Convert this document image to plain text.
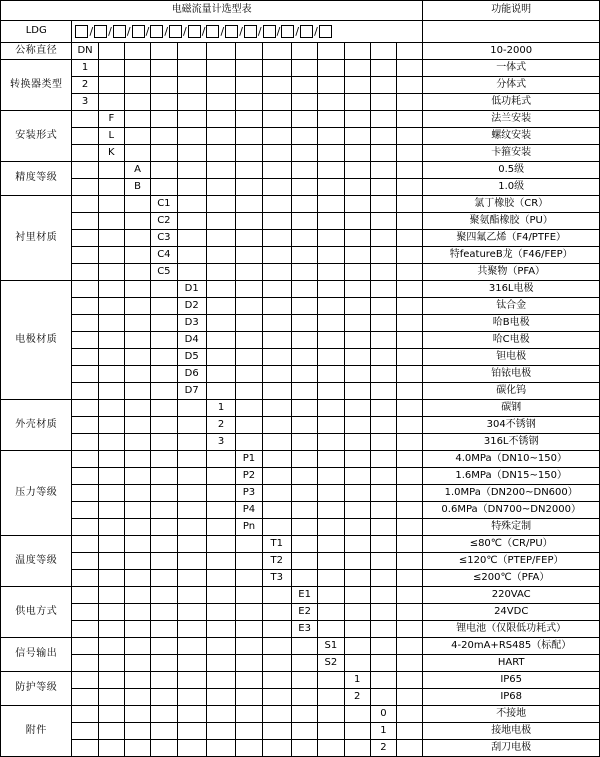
电磁流量计选型表														功能说明
LDG	/ / / / / / / / / / / / /

公称直径	DN													10-2000
转换器类型	1													一体式
	2													分体式
	3													低功耗式
安装形式		F												法兰安装
		L												螺纹安装
		K												卡箍安装
精度等级			A											0.5级
			B											1.0级
衬里材质				C1										氯丁橡胶（CR）
				C2										聚氨酯橡胶（PU）
				C3										聚四氟乙烯（F4/PTFE）
				C4										特featureB龙（F46/FEP）
				C5										共聚物（PFA）
电极材质					D1									316L电极
					D2									钛合金
					D3									哈B电极
					D4									哈C电极
					D5									钽电极
					D6									铂铱电极
					D7									碳化钨
外壳材质						1								碳钢
						2								304不锈钢
						3								316L不锈钢
压力等级							P1							4.0MPa（DN10~150）
							P2							1.6MPa（DN15~150）
							P3							1.0MPa（DN200~DN600）
							P4							0.6MPa（DN700~DN2000）
							Pn							特殊定制
温度等级								T1						≤80℃（CR/PU）
								T2						≤120℃（PTEP/FEP）
								T3						≤200℃（PFA）
供电方式									E1					220VAC
									E2					24VDC
									E3					锂电池（仅限低功耗式）
信号输出										S1				4-20mA+RS485（标配）
										S2				HART
防护等级											1			IP65
											2			IP68
附件												0		不接地
												1		接地电极
												2		刮刀电极
